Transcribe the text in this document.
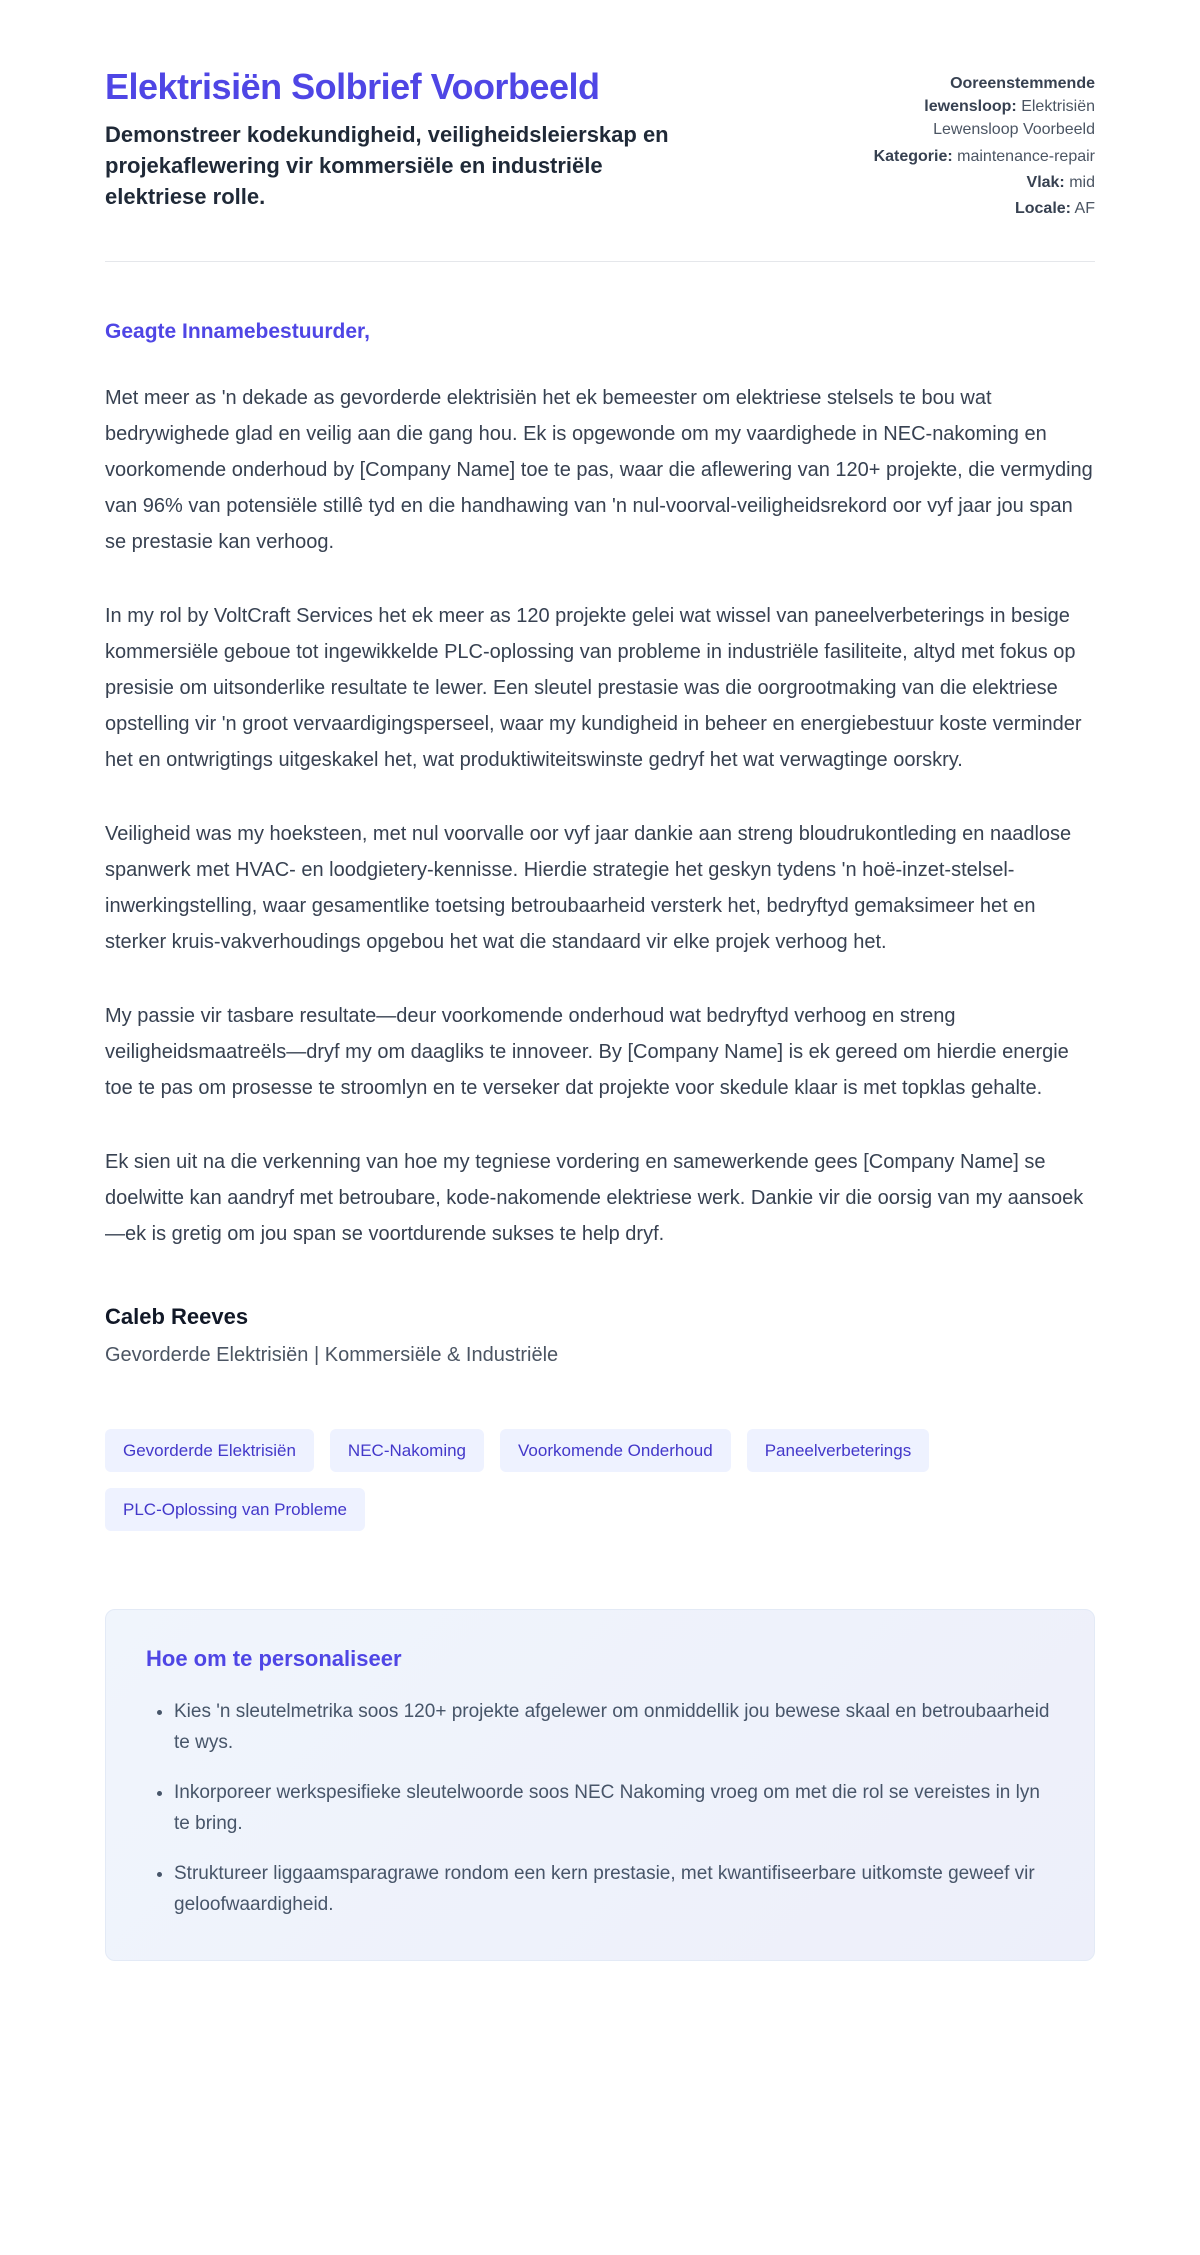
Elektrisiën Solbrief Voorbeeld

Demonstreer kodekundigheid, veiligheidsleierskap en projekaflewering vir kommersiële en industriële elektriese rolle.

Ooreenstemmende lewensloop: Elektrisiën Lewensloop Voorbeeld
Kategorie: maintenance-repair
Vlak: mid
Locale: AF

Geagte Innamebestuurder,

Met meer as 'n dekade as gevorderde elektrisiën het ek bemeester om elektriese stelsels te bou wat bedrywighede glad en veilig aan die gang hou. Ek is opgewonde om my vaardighede in NEC-nakoming en voorkomende onderhoud by [Company Name] toe te pas, waar die aflewering van 120+ projekte, die vermyding van 96% van potensiële stillê tyd en die handhawing van 'n nul-voorval-veiligheidsrekord oor vyf jaar jou span se prestasie kan verhoog.

In my rol by VoltCraft Services het ek meer as 120 projekte gelei wat wissel van paneelverbeterings in besige kommersiële geboue tot ingewikkelde PLC-oplossing van probleme in industriële fasiliteite, altyd met fokus op presisie om uitsonderlike resultate te lewer. Een sleutel prestasie was die oorgrootmaking van die elektriese opstelling vir 'n groot vervaardigingsperseel, waar my kundigheid in beheer en energiebestuur koste verminder het en ontwrigtings uitgeskakel het, wat produktiwiteitswinste gedryf het wat verwagtinge oorskry.

Veiligheid was my hoeksteen, met nul voorvalle oor vyf jaar dankie aan streng bloudrukontleding en naadlose spanwerk met HVAC- en loodgietery-kennisse. Hierdie strategie het geskyn tydens 'n hoë-inzet-stelsel-inwerkingstelling, waar gesamentlike toetsing betroubaarheid versterk het, bedryftyd gemaksimeer het en sterker kruis-vakverhoudings opgebou het wat die standaard vir elke projek verhoog het.

My passie vir tasbare resultate—deur voorkomende onderhoud wat bedryftyd verhoog en streng veiligheidsmaatreëls—dryf my om daagliks te innoveer. By [Company Name] is ek gereed om hierdie energie toe te pas om prosesse te stroomlyn en te verseker dat projekte voor skedule klaar is met topklas gehalte.

Ek sien uit na die verkenning van hoe my tegniese vordering en samewerkende gees [Company Name] se doelwitte kan aandryf met betroubare, kode-nakomende elektriese werk. Dankie vir die oorsig van my aansoek—ek is gretig om jou span se voortdurende sukses te help dryf.

Caleb Reeves

Gevorderde Elektrisiën | Kommersiële & Industriële

Gevorderde Elektrisiën	NEC-Nakoming	Voorkomende Onderhoud	Paneelverbeterings
PLC-Oplossing van Probleme
Hoe om te personaliseer
• Kies 'n sleutelmetrika soos 120+ projekte afgelewer om onmiddellik jou bewese skaal en betroubaarheid te wys.
• Inkorporeer werkspesifieke sleutelwoorde soos NEC Nakoming vroeg om met die rol se vereistes in lyn te bring.
• Struktureer liggaamsparagrawe rondom een kern prestasie, met kwantifiseerbare uitkomste geweef vir geloofwaardigheid.
